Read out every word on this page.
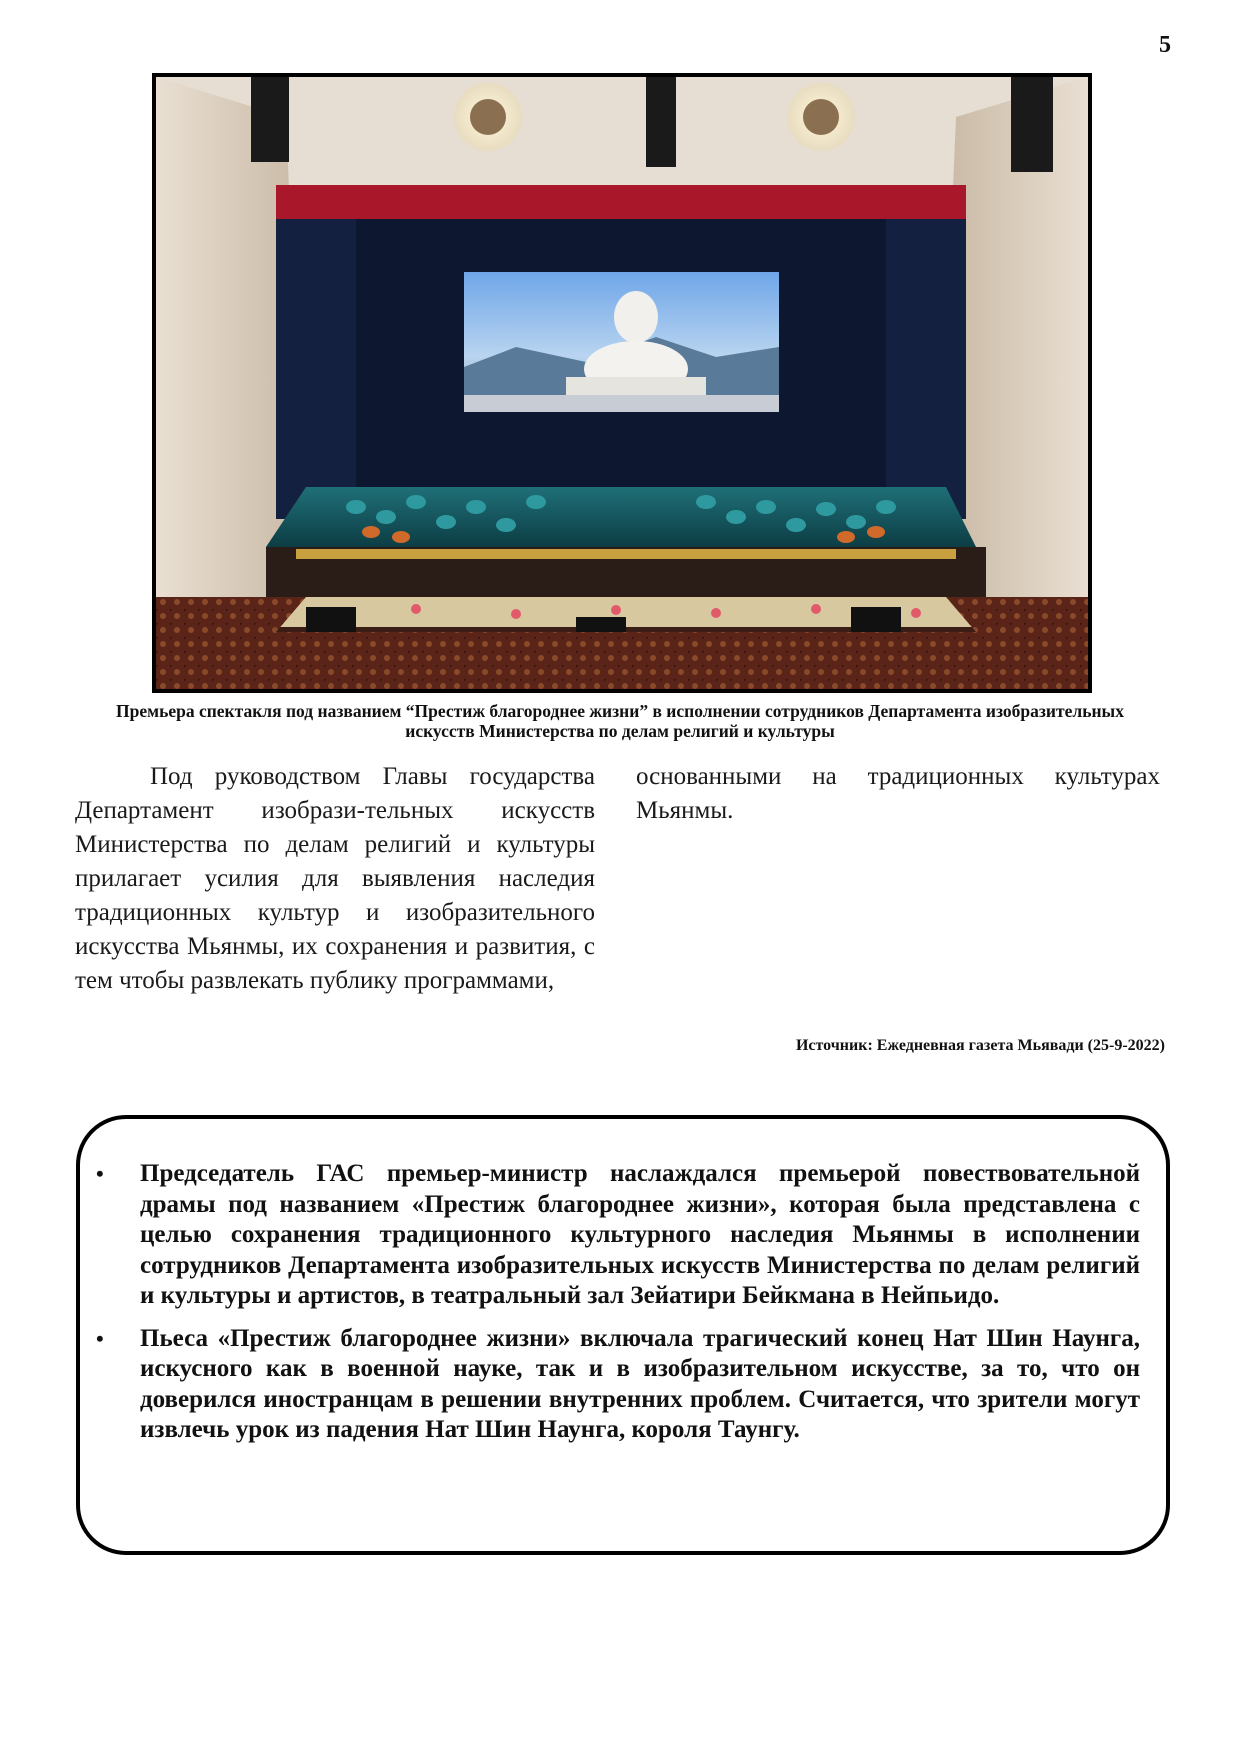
5
Премьера спектакля под названием “Престиж благороднее жизни” в исполнении сотрудников Департамента изобразительных искусств Министерства по делам религий и культуры
Под руководством Главы государства Департамент изобрази-тельных искусств Министерства по делам религий и культуры прилагает усилия для выявления наследия традиционных культур и изобразительного искусства Мьянмы, их сохранения и развития, с тем чтобы развлекать публику программами,
основанными на традиционных культурах Мьянмы.
Источник: Ежедневная газета Мьявади (25-9-2022)
• Председатель ГАС премьер-министр наслаждался премьерой повествовательной драмы под названием «Престиж благороднее жизни», которая была представлена с целью сохранения традиционного культурного наследия Мьянмы в исполнении сотрудников Департамента изобразительных искусств Министерства по делам религий и культуры и артистов, в театральный зал Зейатири Бейкмана в Нейпьидо.
• Пьеса «Престиж благороднее жизни» включала трагический конец Нат Шин Наунга, искусного как в военной науке, так и в изобразительном искусстве, за то, что он доверился иностранцам в решении внутренних проблем. Считается, что зрители могут извлечь урок из падения Нат Шин Наунга, короля Таунгу.
